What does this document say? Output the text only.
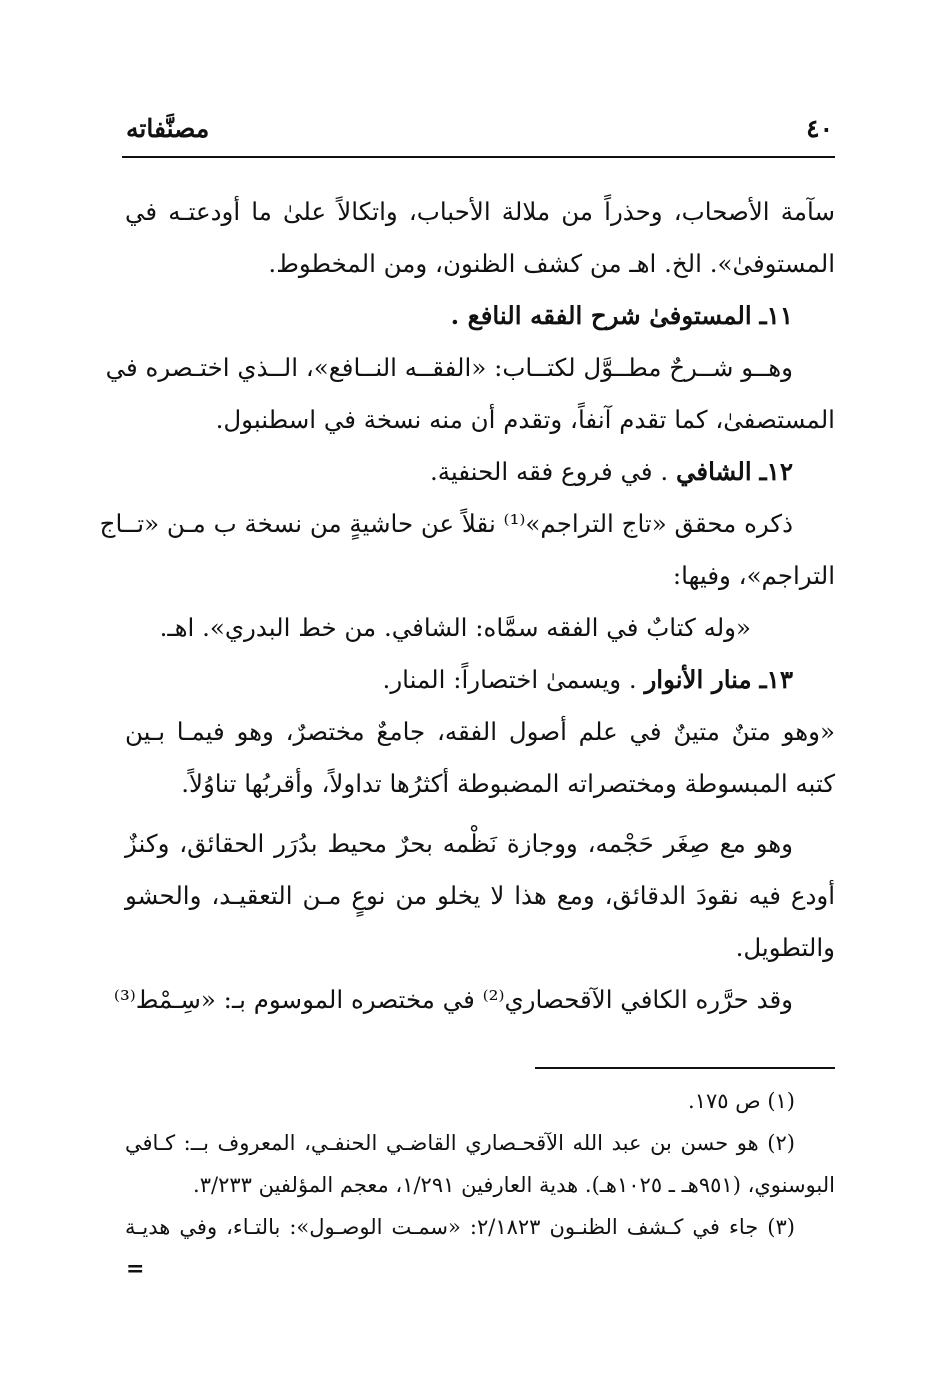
٤٠
مصنَّفاته
سآمة الأصحاب، وحذراً من ملالة الأحباب، واتكالاً علىٰ ما أودعتـه في
المستوفىٰ». الخ. اهـ من كشف الظنون، ومن المخطوط.
١١ـ المستوفىٰ شرح الفقه النافع .
وهــو شــرحٌ مطــوَّل لكتــاب: «الفقــه النــافع»، الــذي اختـصره في
المستصفىٰ، كما تقدم آنفاً، وتقدم أن منه نسخة في اسطنبول.
١٢ـ الشافي . في فروع فقه الحنفية.
ذكره محقق «تاج التراجم»⁽¹⁾ نقلاً عن حاشيةٍ من نسخة ب مـن «تــاج
التراجم»، وفيها:
«وله كتابٌ في الفقه سمَّاه: الشافي. من خط البدري». اهـ.
١٣ـ منار الأنوار . ويسمىٰ اختصاراً: المنار.
«وهو متنٌ متينٌ في علم أصول الفقه، جامعٌ مختصرٌ، وهو فيمـا بـين
كتبه المبسوطة ومختصراته المضبوطة أكثرُها تداولاً، وأقربُها تناوُلاً.
وهو مع صِغَر حَجْمه، ووجازة نَظْمه بحرٌ محيط بدُرَر الحقائق، وكنزٌ
أودع فيه نقودَ الدقائق، ومع هذا لا يخلو من نوعٍ مـن التعقيـد، والحشو
والتطويل.
وقد حرَّره الكافي الآقحصاري⁽²⁾ في مختصره الموسوم بـ: «سِـمْط⁽³⁾
(١) ص ١٧٥.
(٢) هو حسن بن عبد الله الآقحـصاري القاضـي الحنفـي، المعروف بــ: كـافي
البوسنوي، (٩٥١هـ ـ ١٠٢٥هـ). هدية العارفين ١/٢٩١، معجم المؤلفين ٣/٢٣٣.
(٣) جاء في كـشف الظنـون ٢/١٨٢٣: «سمـت الوصـول»: بالتـاء، وفي هديـة
=
